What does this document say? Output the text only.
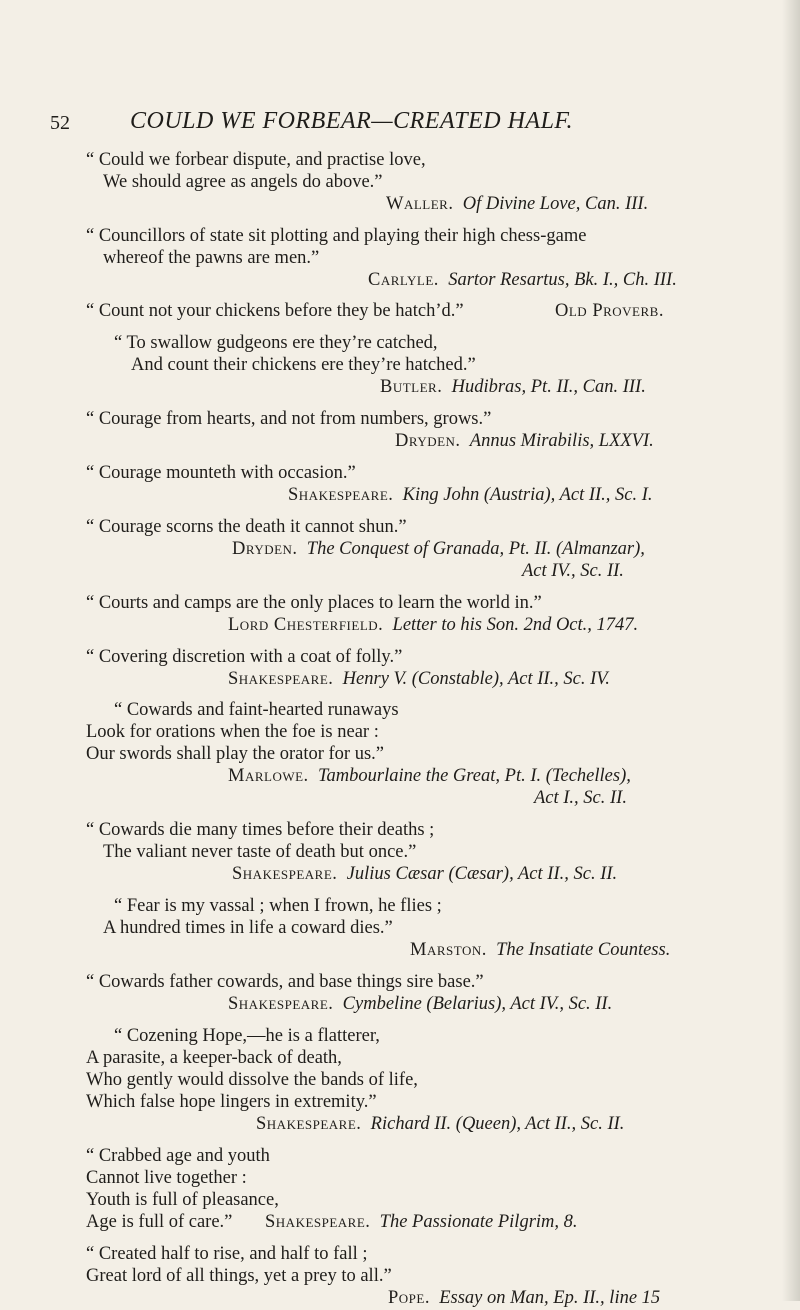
52	COULD WE FORBEAR—CREATED HALF.
“ Could we forbear dispute, and practise love,
We should agree as angels do above.”
Waller. Of Divine Love, Can. III.
“ Councillors of state sit plotting and playing their high chess-game
whereof the pawns are men.”
Carlyle. Sartor Resartus, Bk. I., Ch. III.
“ Count not your chickens before they be hatch’d.”	Old Proverb.
“ To swallow gudgeons ere they’re catched,
And count their chickens ere they’re hatched.”
Butler. Hudibras, Pt. II., Can. III.
“ Courage from hearts, and not from numbers, grows.”
Dryden. Annus Mirabilis, LXXVI.
“ Courage mounteth with occasion.”
Shakespeare. King John (Austria), Act II., Sc. I.
“ Courage scorns the death it cannot shun.”
Dryden. The Conquest of Granada, Pt. II. (Almanzar),
Act IV., Sc. II.
“ Courts and camps are the only places to learn the world in.”
Lord Chesterfield. Letter to his Son. 2nd Oct., 1747.
“ Covering discretion with a coat of folly.”
Shakespeare. Henry V. (Constable), Act II., Sc. IV.
“ Cowards and faint-hearted runaways
Look for orations when the foe is near :
Our swords shall play the orator for us.”
Marlowe. Tambourlaine the Great, Pt. I. (Techelles),
Act I., Sc. II.
“ Cowards die many times before their deaths ;
The valiant never taste of death but once.”
Shakespeare. Julius Cæsar (Cæsar), Act II., Sc. II.
“ Fear is my vassal ; when I frown, he flies ;
A hundred times in life a coward dies.”
Marston. The Insatiate Countess.
“ Cowards father cowards, and base things sire base.”
Shakespeare. Cymbeline (Belarius), Act IV., Sc. II.
“ Cozening Hope,—he is a flatterer,
A parasite, a keeper-back of death,
Who gently would dissolve the bands of life,
Which false hope lingers in extremity.”
Shakespeare. Richard II. (Queen), Act II., Sc. II.
“ Crabbed age and youth
Cannot live together :
Youth is full of pleasance,
Age is full of care.” Shakespeare. The Passionate Pilgrim, 8.
“ Created half to rise, and half to fall ;
Great lord of all things, yet a prey to all.”
Pope. Essay on Man, Ep. II., line 15
